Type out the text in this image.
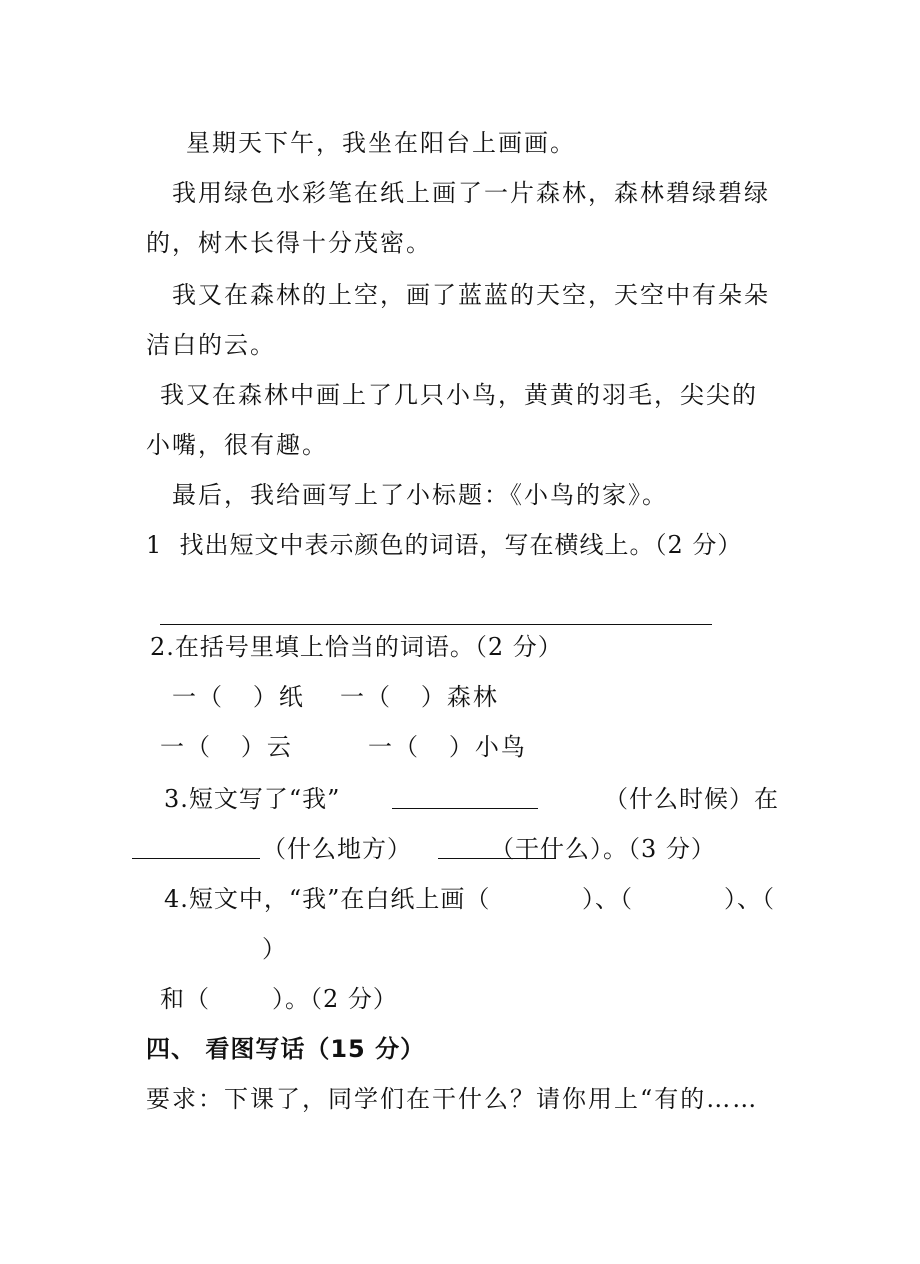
星期天下午，我坐在阳台上画画。
我用绿色水彩笔在纸上画了一片森林，森林碧绿碧绿
的，树木长得十分茂密。
我又在森林的上空，画了蓝蓝的天空，天空中有朵朵
洁白的云。
我又在森林中画上了几只小鸟，黄黄的羽毛，尖尖的
小嘴，很有趣。
最后，我给画写上了小标题：《小鸟的家》。
1  找出短文中表示颜色的词语，写在横线上。（2 分）
2.在括号里填上恰当的词语。（2 分）
一（   ）纸 一（   ）森林
一（   ）云	一（   ）小鸟
3.短文写了“我”	（什么时候）在
（什么地方）	（干什么）。（3 分）
4.短文中，“我”在白纸上画（	）、（	）、（
）
和（	）。（2 分）
四、 看图写话（15 分）
要求：下课了，同学们在干什么？请你用上“有的……
